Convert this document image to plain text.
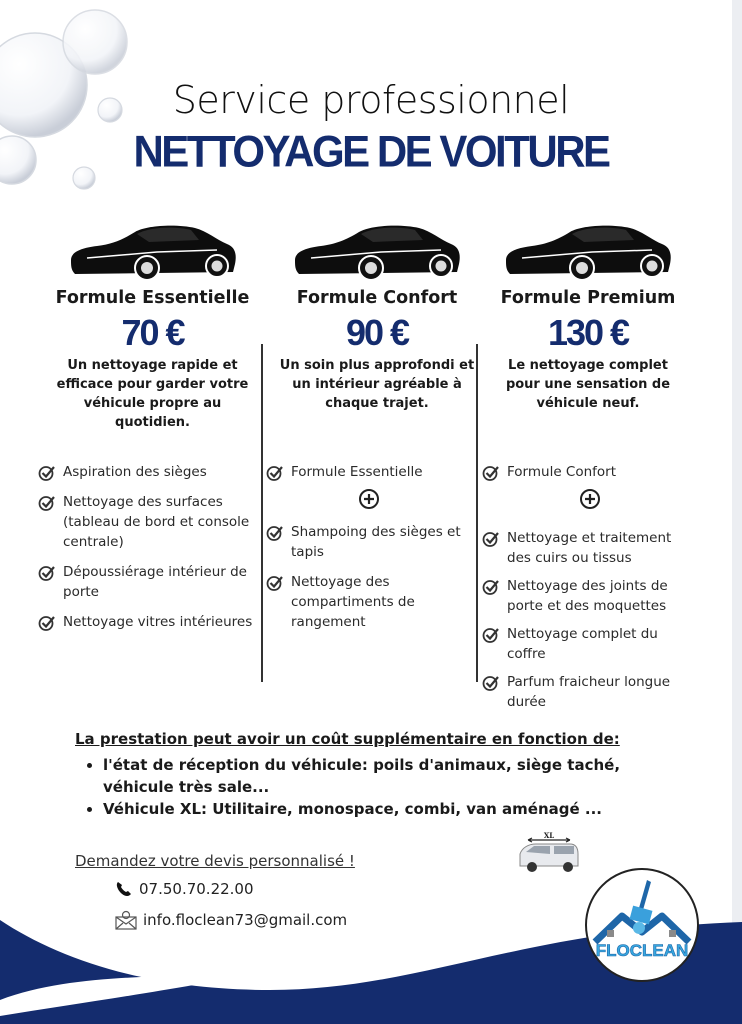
Service professionnel
NETTOYAGE DE VOITURE
Formule Essentielle
70 €
Un nettoyage rapide et efficace pour garder votre véhicule propre au quotidien.
Formule Confort
90 €
Un soin plus approfondi et un intérieur agréable à chaque trajet.
Formule Premium
130 €
Le nettoyage complet pour une sensation de véhicule neuf.
Aspiration des sièges
Nettoyage des surfaces (tableau de bord et console centrale)
Dépoussiérage intérieur de porte
Nettoyage vitres intérieures
Formule Essentielle
Shampoing des sièges et tapis
Nettoyage des compartiments de rangement
Formule Confort
Nettoyage et traitement des cuirs ou tissus
Nettoyage des joints de porte et des moquettes
Nettoyage complet du coffre
Parfum fraicheur longue durée
La prestation peut avoir un coût supplémentaire en fonction de:
• l'état de réception du véhicule: poils d'animaux, siège taché, véhicule très sale...
• Véhicule XL: Utilitaire, monospace, combi, van aménagé ...
XL
Demandez votre devis personnalisé !
07.50.70.22.00
info.floclean73@gmail.com
FLOCLEAN
